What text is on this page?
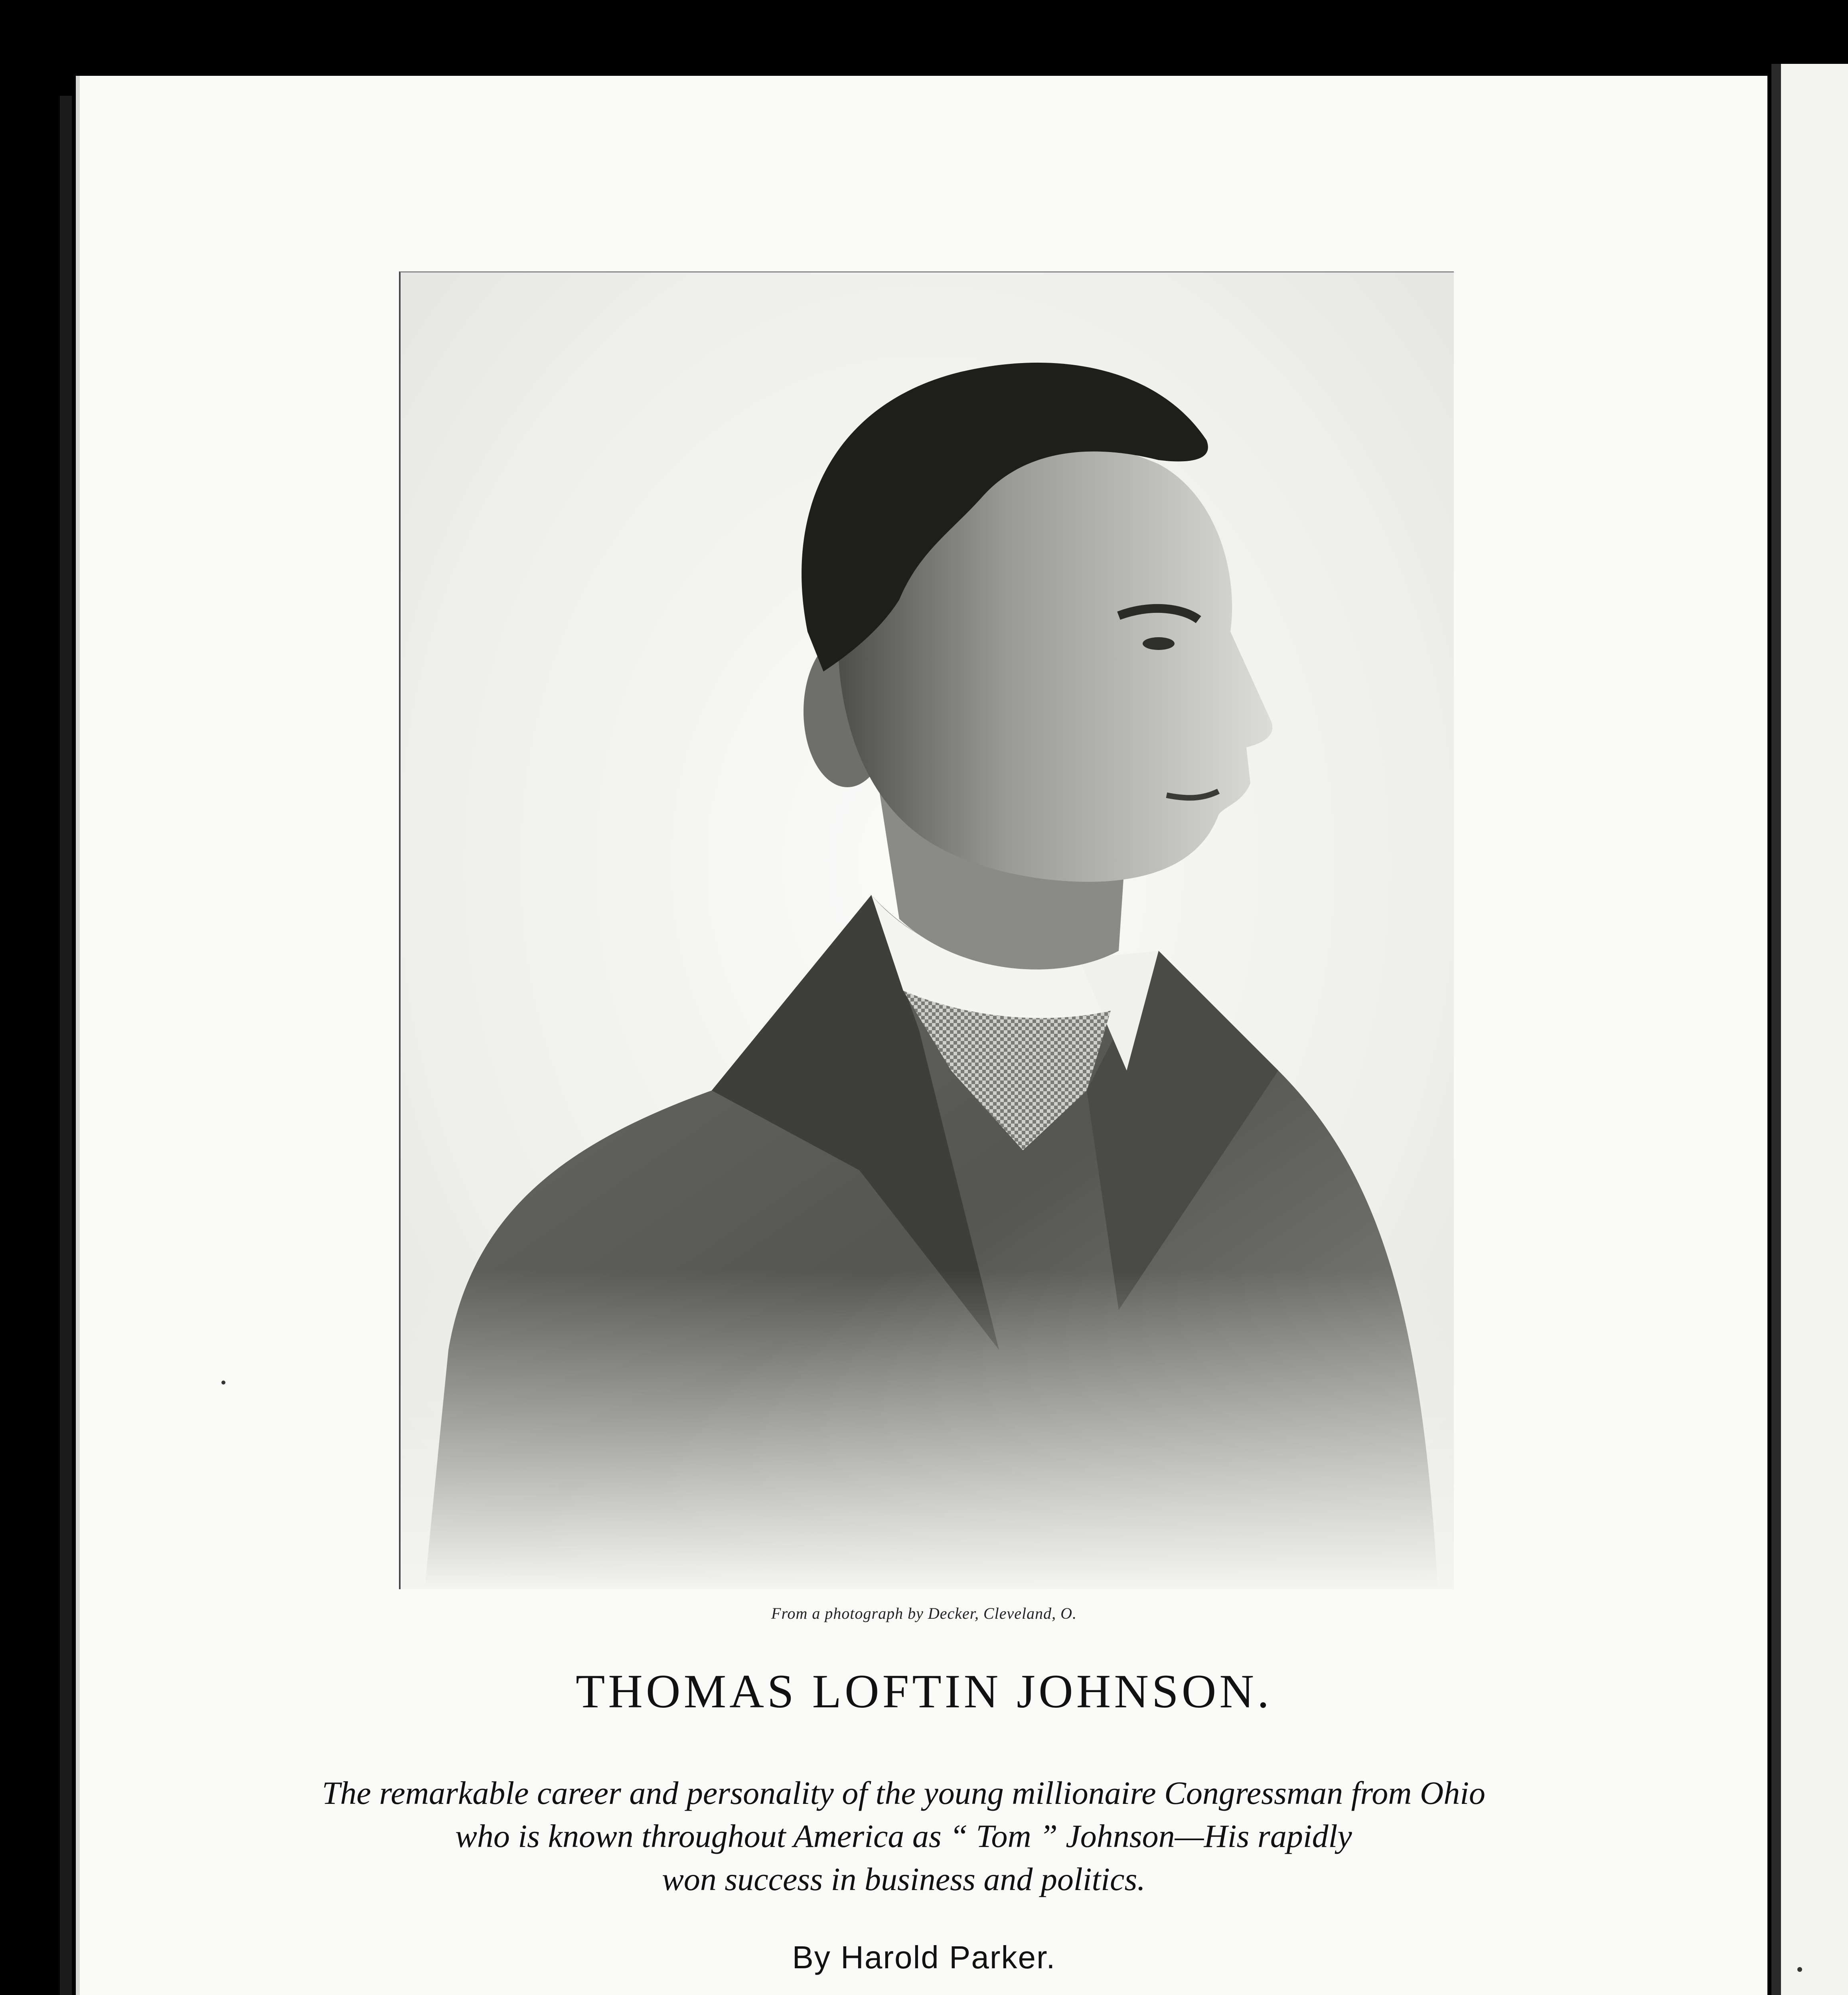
From a photograph by Decker, Cleveland, O.
THOMAS LOFTIN JOHNSON.
The remarkable career and personality of the young millionaire Congressman from Ohio
who is known throughout America as “ Tom ” Johnson—His rapidly
won success in business and politics.
By Harold Parker.
